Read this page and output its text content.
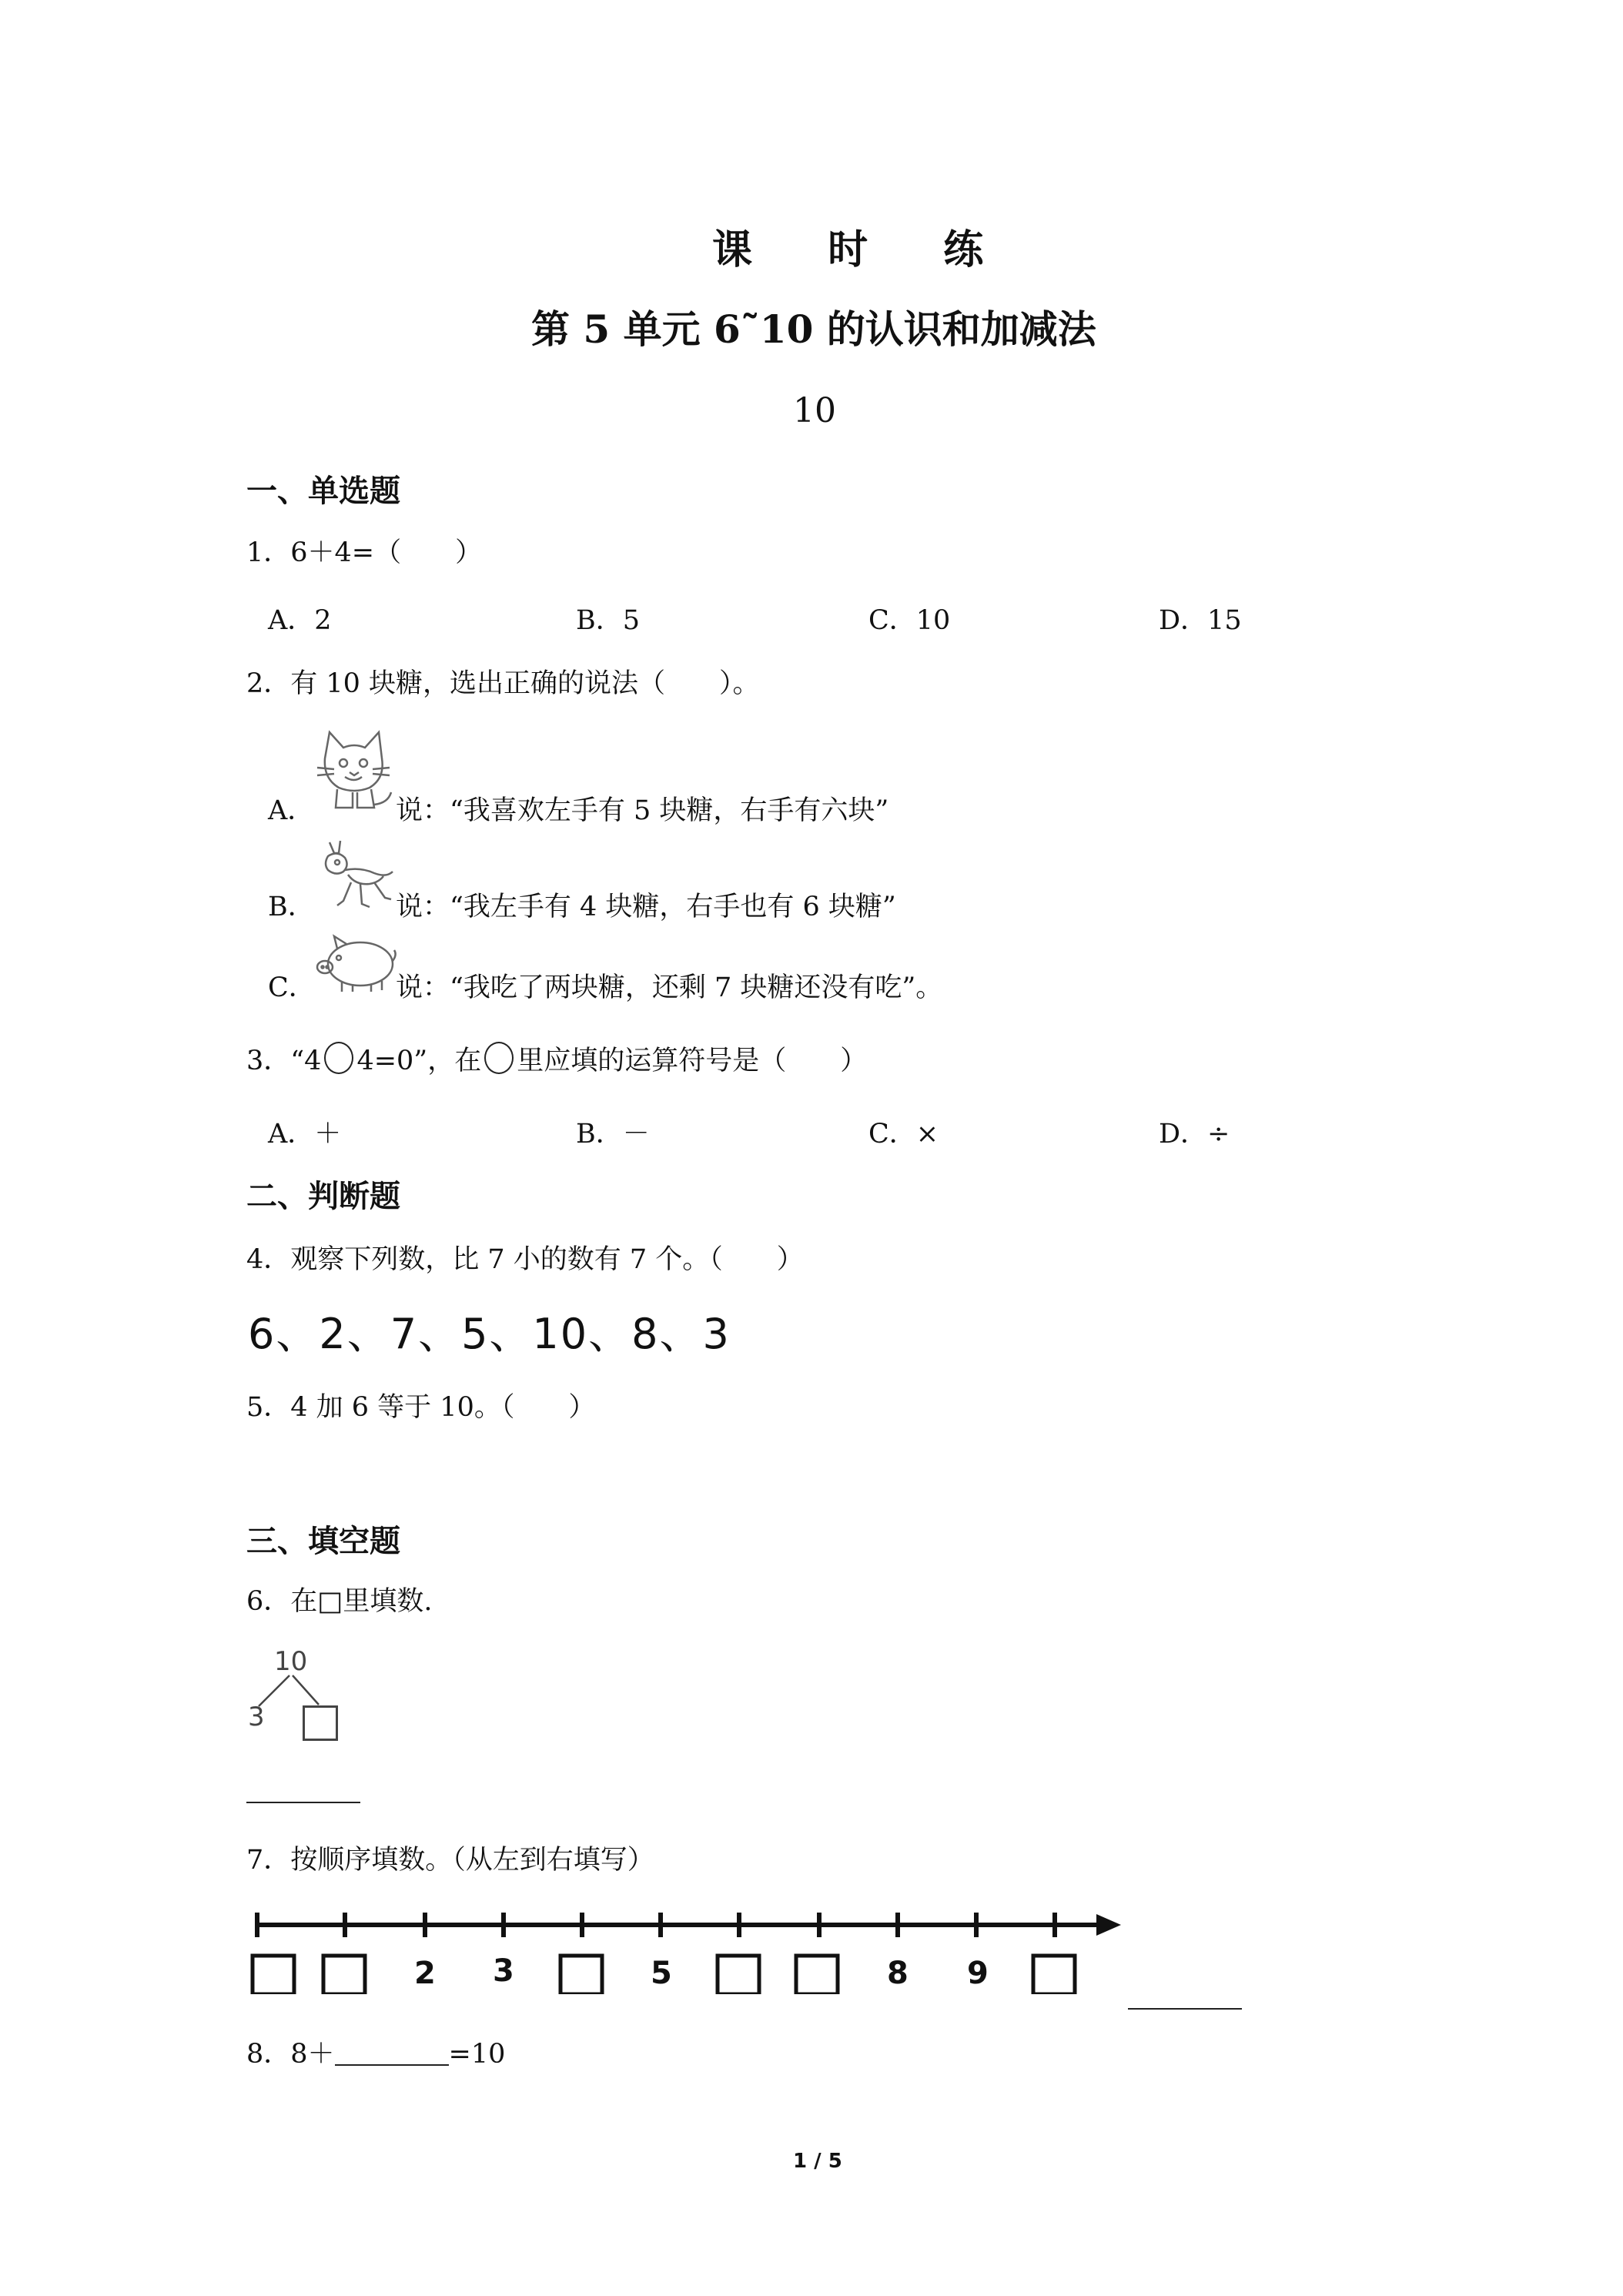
课 时 练
第 5 单元 6˜10 的认识和加减法
10
一、单选题
1．6＋4=（　　）
A．2	B．5	C．10	D．15
2．有 10 块糖，选出正确的说法（　　）。
A．	说：“我喜欢左手有 5 块糖，右手有六块”
B．	说：“我左手有 4 块糖，右手也有 6 块糖”
C．	说：“我吃了两块糖，还剩 7 块糖还没有吃”。
3．“4 4=0”，在 里应填的运算符号是（　　）
A．＋	B．－	C．×	D．÷
二、判断题
4．观察下列数，比 7 小的数有 7 个。（　　）
6、2、7、5、10、8、3
5．4 加 6 等于 10。（　　）
三、填空题
6．在□里填数.
10
3
7．按顺序填数。（从左到右填写）
2 3	5	8 9
8．8＋	=10
1 / 5
